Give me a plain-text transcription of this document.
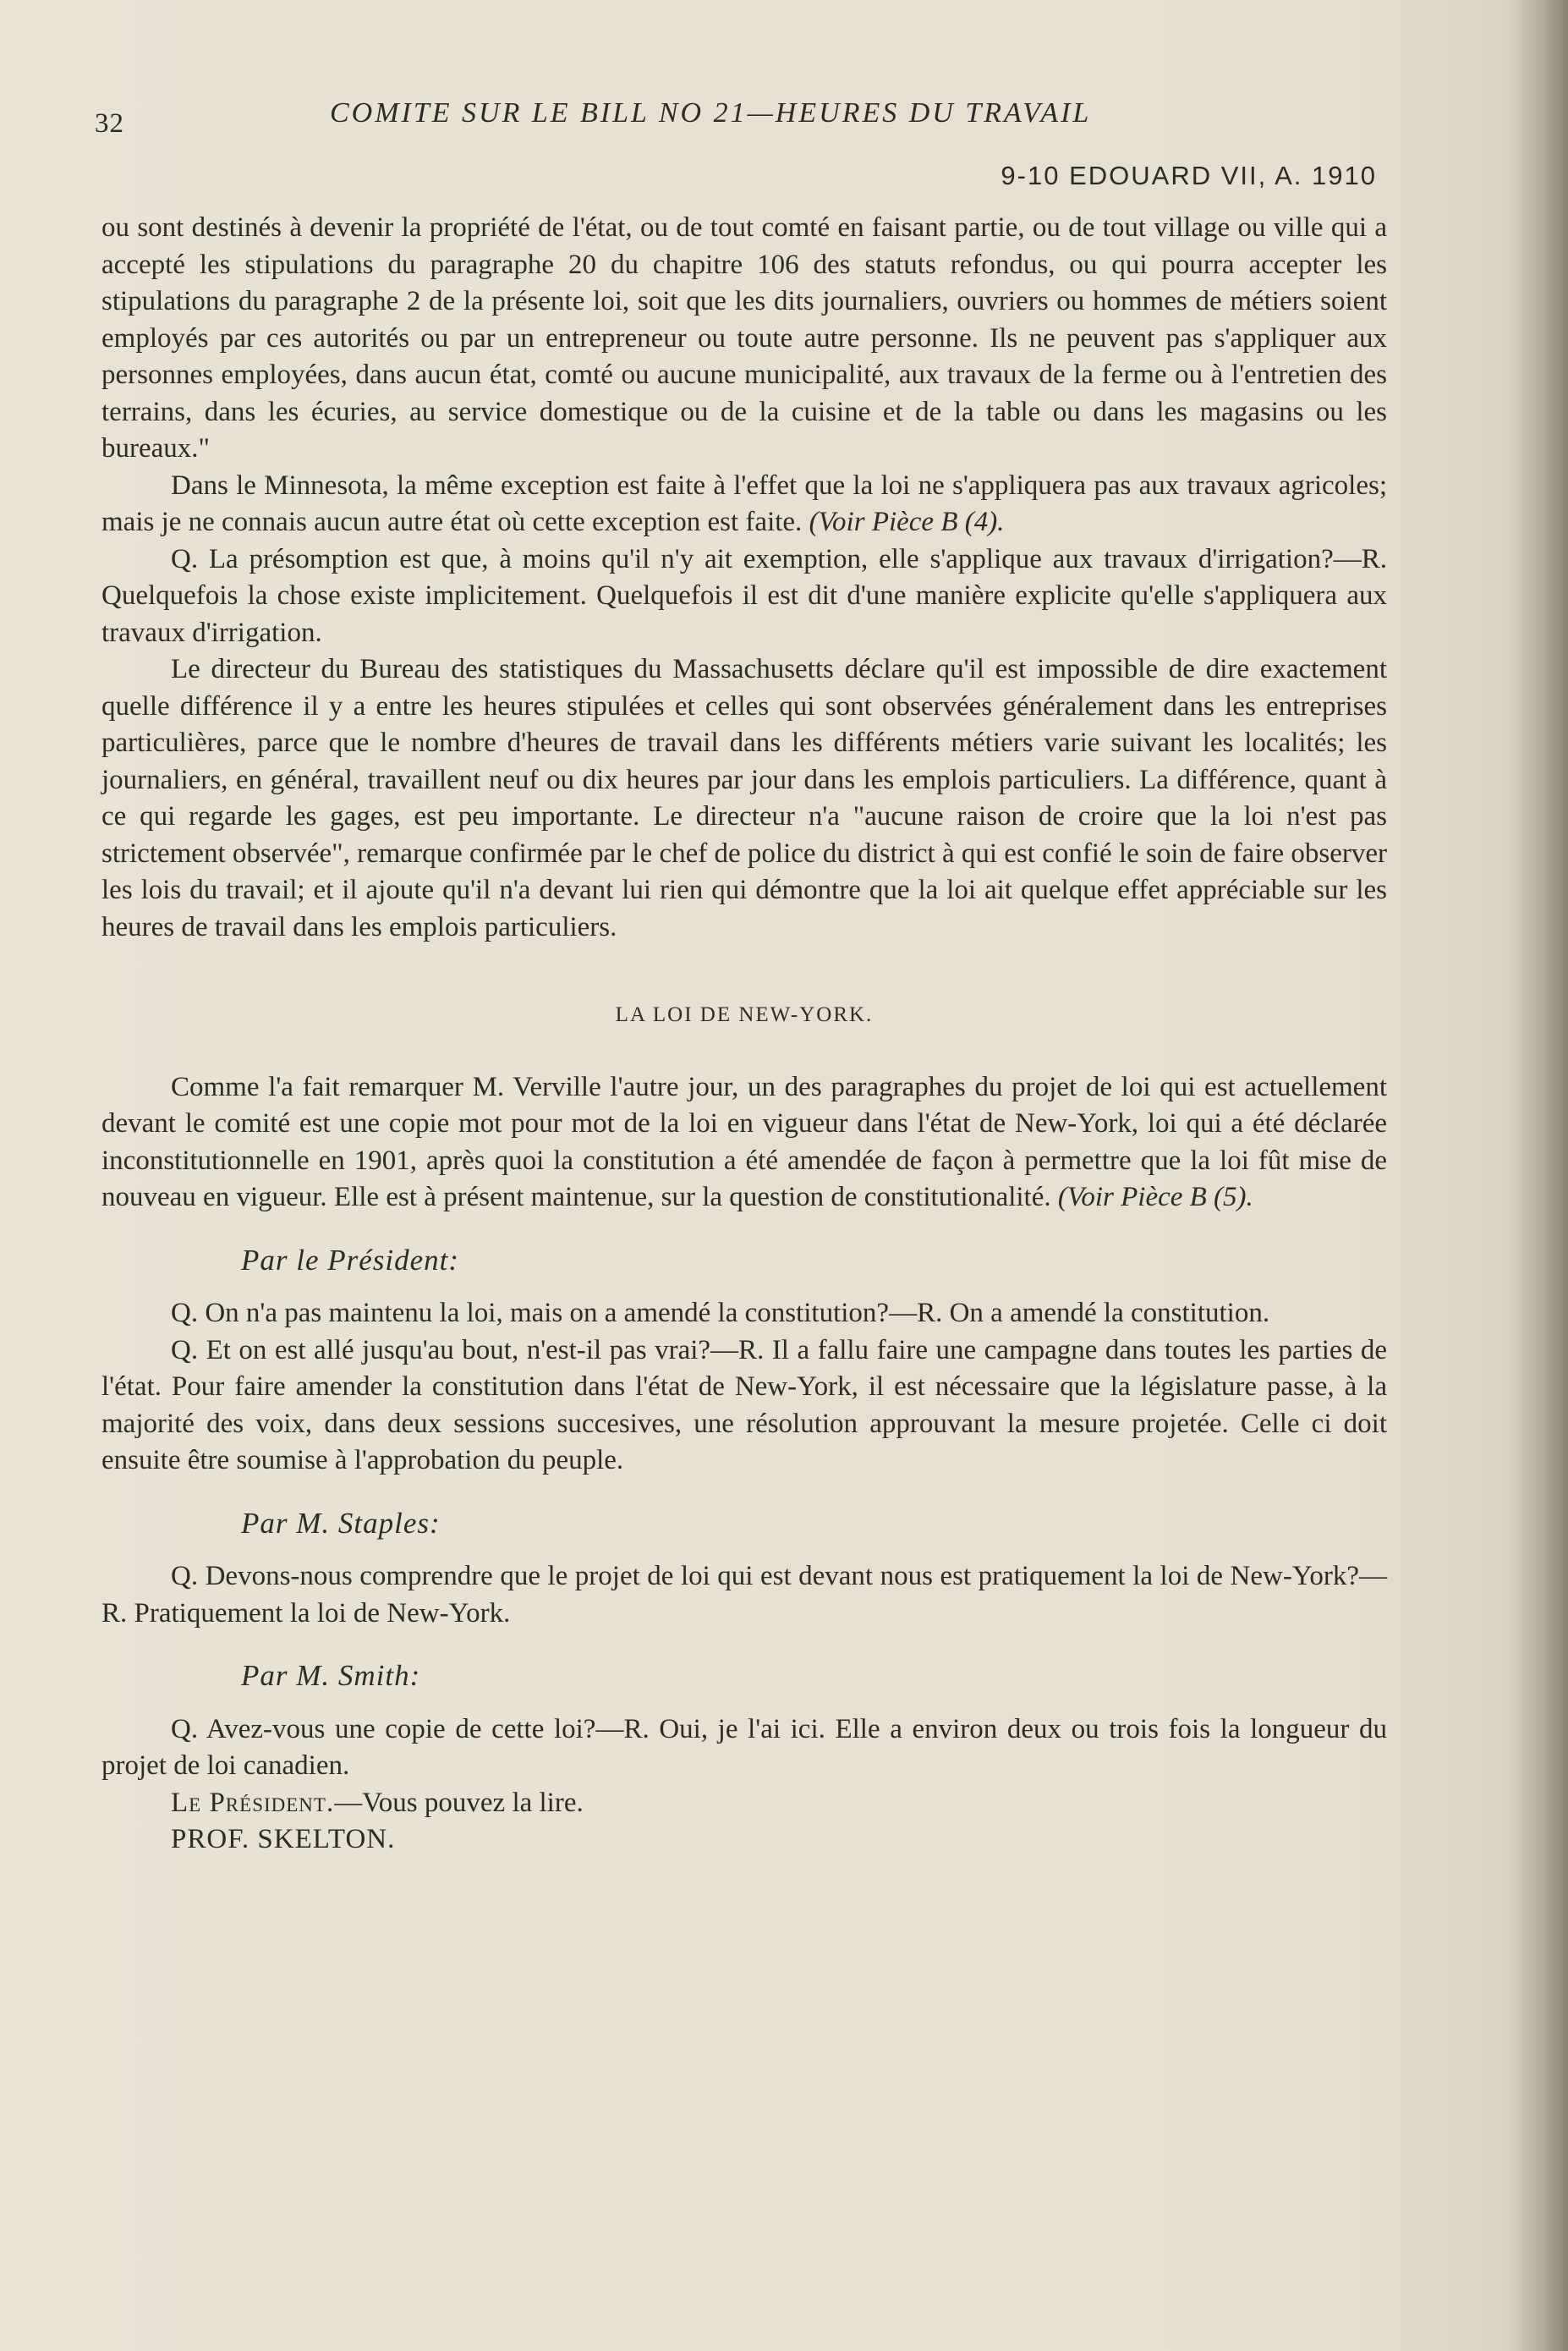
32	COMITE SUR LE BILL NO 21—HEURES DU TRAVAIL
9-10 EDOUARD VII, A. 1910

ou sont destinés à devenir la propriété de l'état, ou de tout comté en faisant partie, ou de tout village ou ville qui a accepté les stipulations du paragraphe 20 du chapitre 106 des statuts refondus, ou qui pourra accepter les stipulations du paragraphe 2 de la présente loi, soit que les dits journaliers, ouvriers ou hommes de métiers soient employés par ces autorités ou par un entrepreneur ou toute autre personne. Ils ne peuvent pas s'appliquer aux personnes employées, dans aucun état, comté ou aucune municipalité, aux travaux de la ferme ou à l'entretien des terrains, dans les écuries, au service domestique ou de la cuisine et de la table ou dans les magasins ou les bureaux."

Dans le Minnesota, la même exception est faite à l'effet que la loi ne s'appliquera pas aux travaux agricoles; mais je ne connais aucun autre état où cette exception est faite. (Voir Pièce B (4).

Q. La présomption est que, à moins qu'il n'y ait exemption, elle s'applique aux travaux d'irrigation?—R. Quelquefois la chose existe implicitement. Quelquefois il est dit d'une manière explicite qu'elle s'appliquera aux travaux d'irrigation.

Le directeur du Bureau des statistiques du Massachusetts déclare qu'il est impossible de dire exactement quelle différence il y a entre les heures stipulées et celles qui sont observées généralement dans les entreprises particulières, parce que le nombre d'heures de travail dans les différents métiers varie suivant les localités; les journaliers, en général, travaillent neuf ou dix heures par jour dans les emplois particuliers. La différence, quant à ce qui regarde les gages, est peu importante. Le directeur n'a "aucune raison de croire que la loi n'est pas strictement observée", remarque confirmée par le chef de police du district à qui est confié le soin de faire observer les lois du travail; et il ajoute qu'il n'a devant lui rien qui démontre que la loi ait quelque effet appréciable sur les heures de travail dans les emplois particuliers.

LA LOI DE NEW-YORK.

Comme l'a fait remarquer M. Verville l'autre jour, un des paragraphes du projet de loi qui est actuellement devant le comité est une copie mot pour mot de la loi en vigueur dans l'état de New-York, loi qui a été déclarée inconstitutionnelle en 1901, après quoi la constitution a été amendée de façon à permettre que la loi fût mise de nouveau en vigueur. Elle est à présent maintenue, sur la question de constitutionalité. (Voir Pièce B (5).

Par le Président:

Q. On n'a pas maintenu la loi, mais on a amendé la constitution?—R. On a amendé la constitution.

Q. Et on est allé jusqu'au bout, n'est-il pas vrai?—R. Il a fallu faire une campagne dans toutes les parties de l'état. Pour faire amender la constitution dans l'état de New-York, il est nécessaire que la législature passe, à la majorité des voix, dans deux sessions succesives, une résolution approuvant la mesure projetée. Celle ci doit ensuite être soumise à l'approbation du peuple.

Par M. Staples:

Q. Devons-nous comprendre que le projet de loi qui est devant nous est pratiquement la loi de New-York?—R. Pratiquement la loi de New-York.

Par M. Smith:

Q. Avez-vous une copie de cette loi?—R. Oui, je l'ai ici. Elle a environ deux ou trois fois la longueur du projet de loi canadien.

Le Président.—Vous pouvez la lire.

PROF. SKELTON.
